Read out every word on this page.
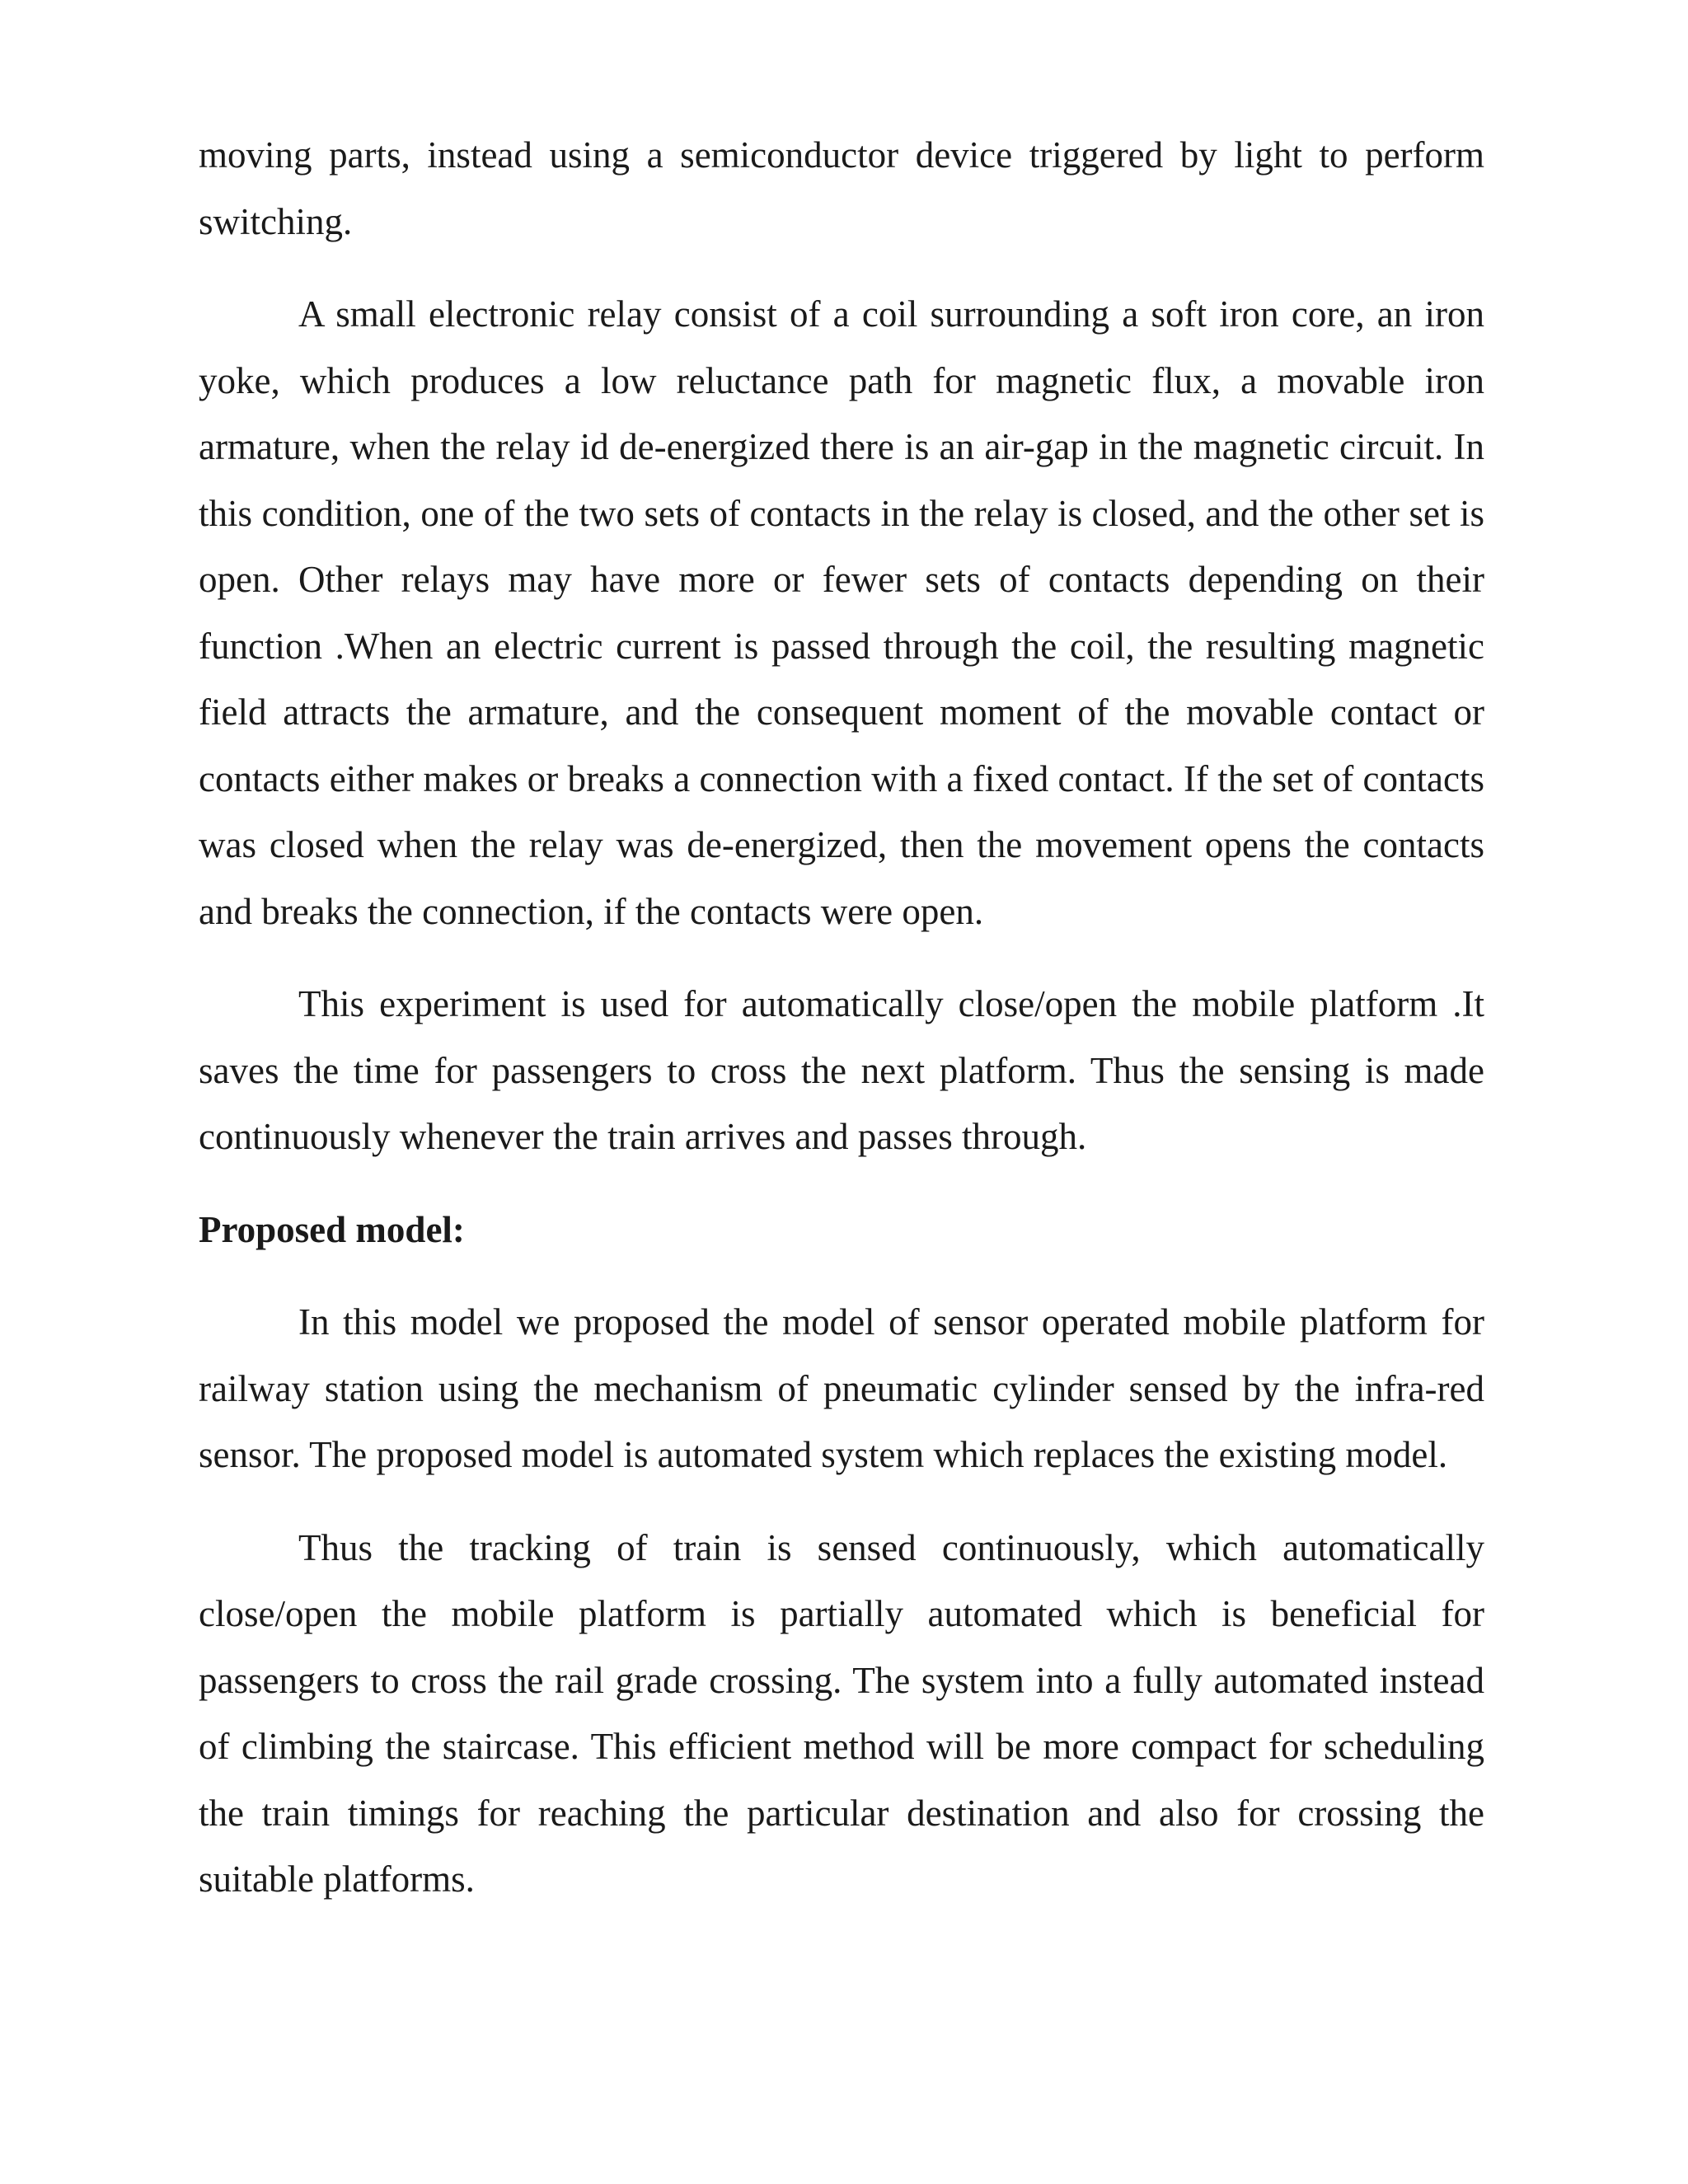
moving parts, instead using a semiconductor device triggered by light to perform switching.

A small electronic relay consist of a coil surrounding a soft iron core, an iron yoke, which produces a low reluctance path for magnetic flux, a movable iron armature, when the relay id de-energized there is an air-gap in the magnetic circuit. In this condition, one of the two sets of contacts in the relay is closed, and the other set is open. Other relays may have more or fewer sets of contacts depending on their function .When an electric current is passed through the coil, the resulting magnetic field attracts the armature, and the consequent moment of the movable contact or contacts either makes or breaks a connection with a fixed contact. If the set of contacts was closed when the relay was de-energized, then the movement opens the contacts and breaks the connection, if the contacts were open.

This experiment is used for automatically close/open the mobile platform .It saves the time for passengers to cross the next platform. Thus the sensing is made continuously whenever the train arrives and passes through.

Proposed model:

In this model we proposed the model of sensor operated mobile platform for railway station using the mechanism of pneumatic cylinder sensed by the infra-red sensor. The proposed model is automated system which replaces the existing model.

Thus the tracking of train is sensed continuously, which automatically close/open the mobile platform is partially automated which is beneficial for passengers to cross the rail grade crossing. The system into a fully automated instead of climbing the staircase. This efficient method will be more compact for scheduling the train timings for reaching the particular destination and also for crossing the suitable platforms.
